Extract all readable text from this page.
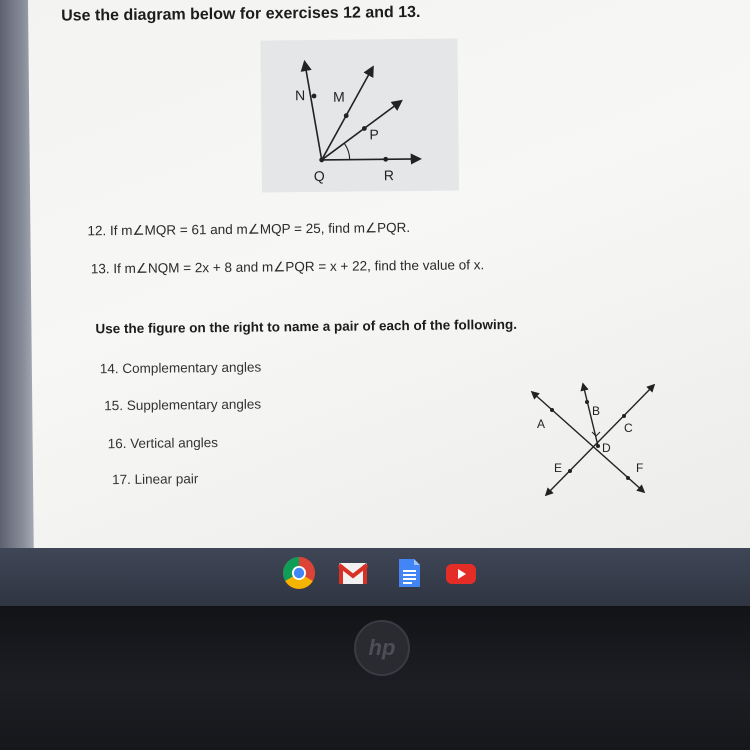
Use the diagram below for exercises 12 and 13.
N M
P
Q	R
12. If m∠MQR = 61 and m∠MQP = 25, find m∠PQR.
13. If m∠NQM = 2x + 8 and m∠PQR = x + 22, find the value of x.
Use the figure on the right to name a pair of each of the following.
14. Complementary angles
15. Supplementary angles
16. Vertical angles
17. Linear pair
A
B
C
D
E	F
hp
